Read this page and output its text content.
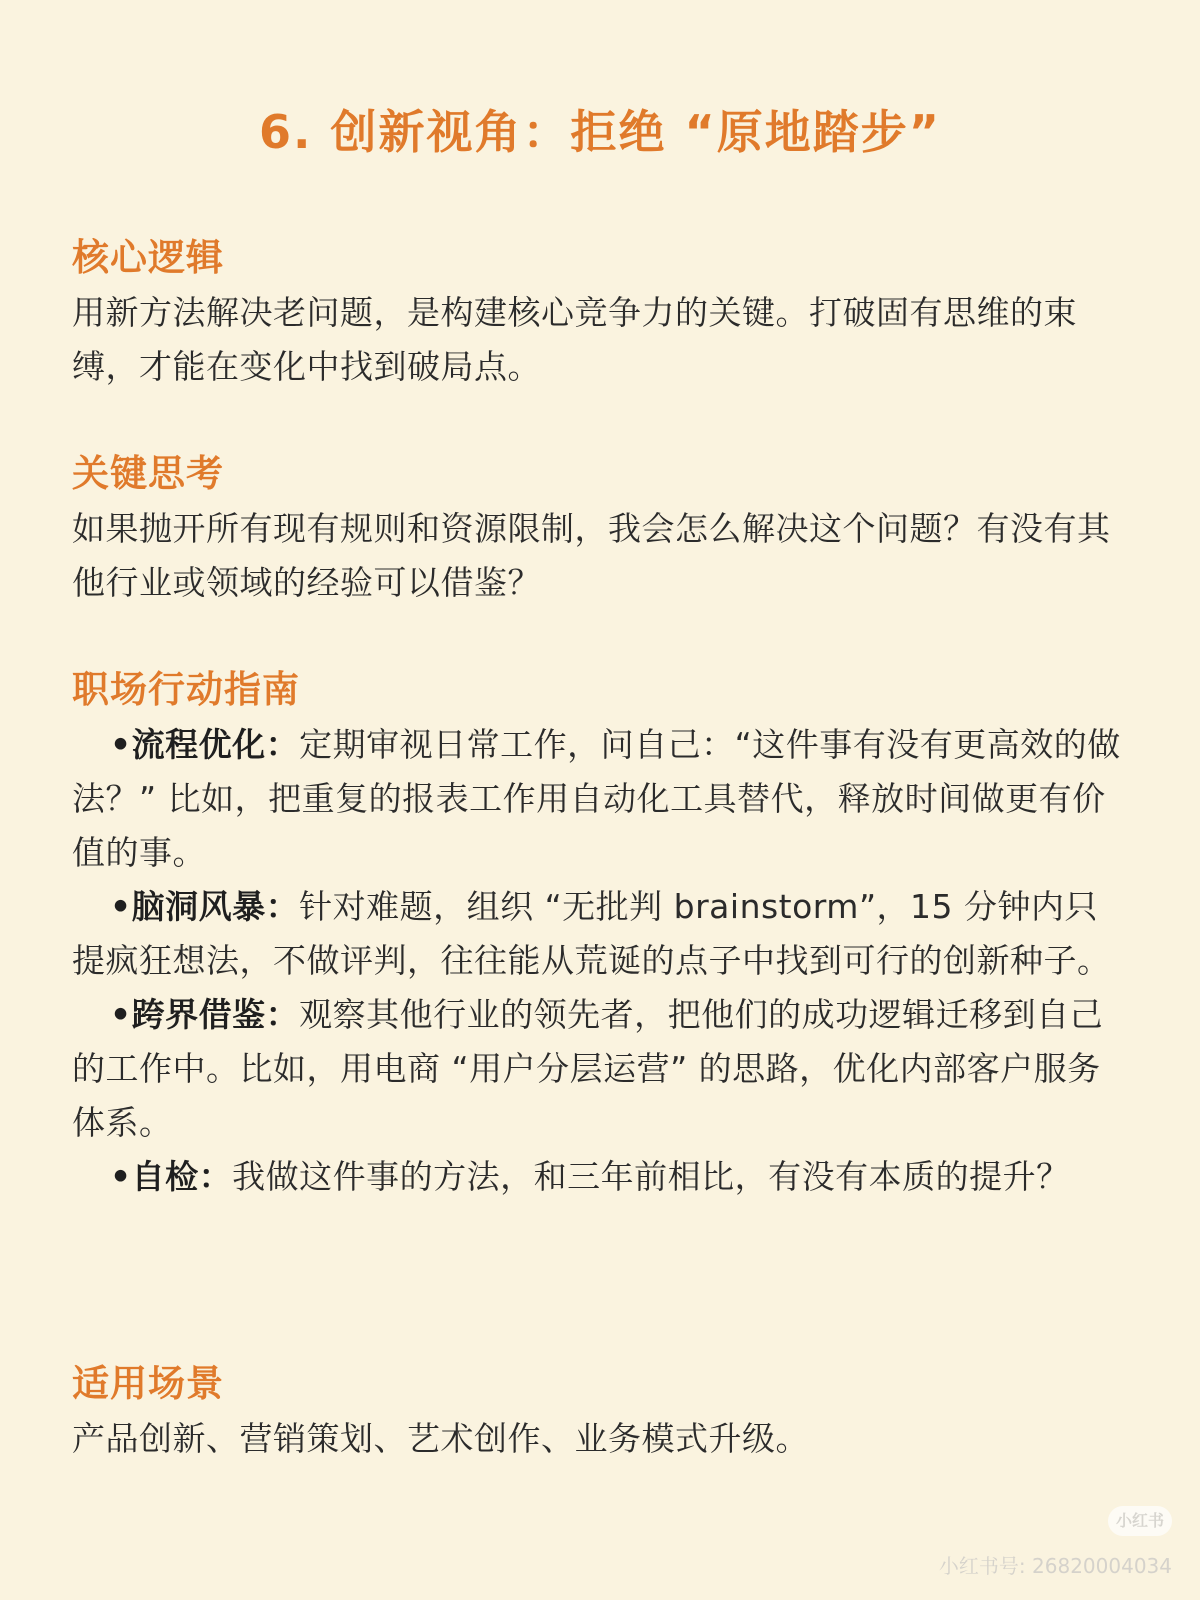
6. 创新视角：拒绝 “原地踏步”
核心逻辑
用新方法解决老问题，是构建核心竞争力的关键。打破固有思维的束缚，才能在变化中找到破局点。
关键思考
如果抛开所有现有规则和资源限制，我会怎么解决这个问题？有没有其他行业或领域的经验可以借鉴？
职场行动指南
•流程优化：定期审视日常工作，问自己：“这件事有没有更高效的做法？” 比如，把重复的报表工作用自动化工具替代，释放时间做更有价值的事。
•脑洞风暴：针对难题，组织 “无批判 brainstorm”，15 分钟内只提疯狂想法，不做评判，往往能从荒诞的点子中找到可行的创新种子。
•跨界借鉴：观察其他行业的领先者，把他们的成功逻辑迁移到自己的工作中。比如，用电商 “用户分层运营” 的思路，优化内部客户服务体系。
•自检：我做这件事的方法，和三年前相比，有没有本质的提升？
适用场景
产品创新、营销策划、艺术创作、业务模式升级。
小红书
小红书号: 2682000​4034
